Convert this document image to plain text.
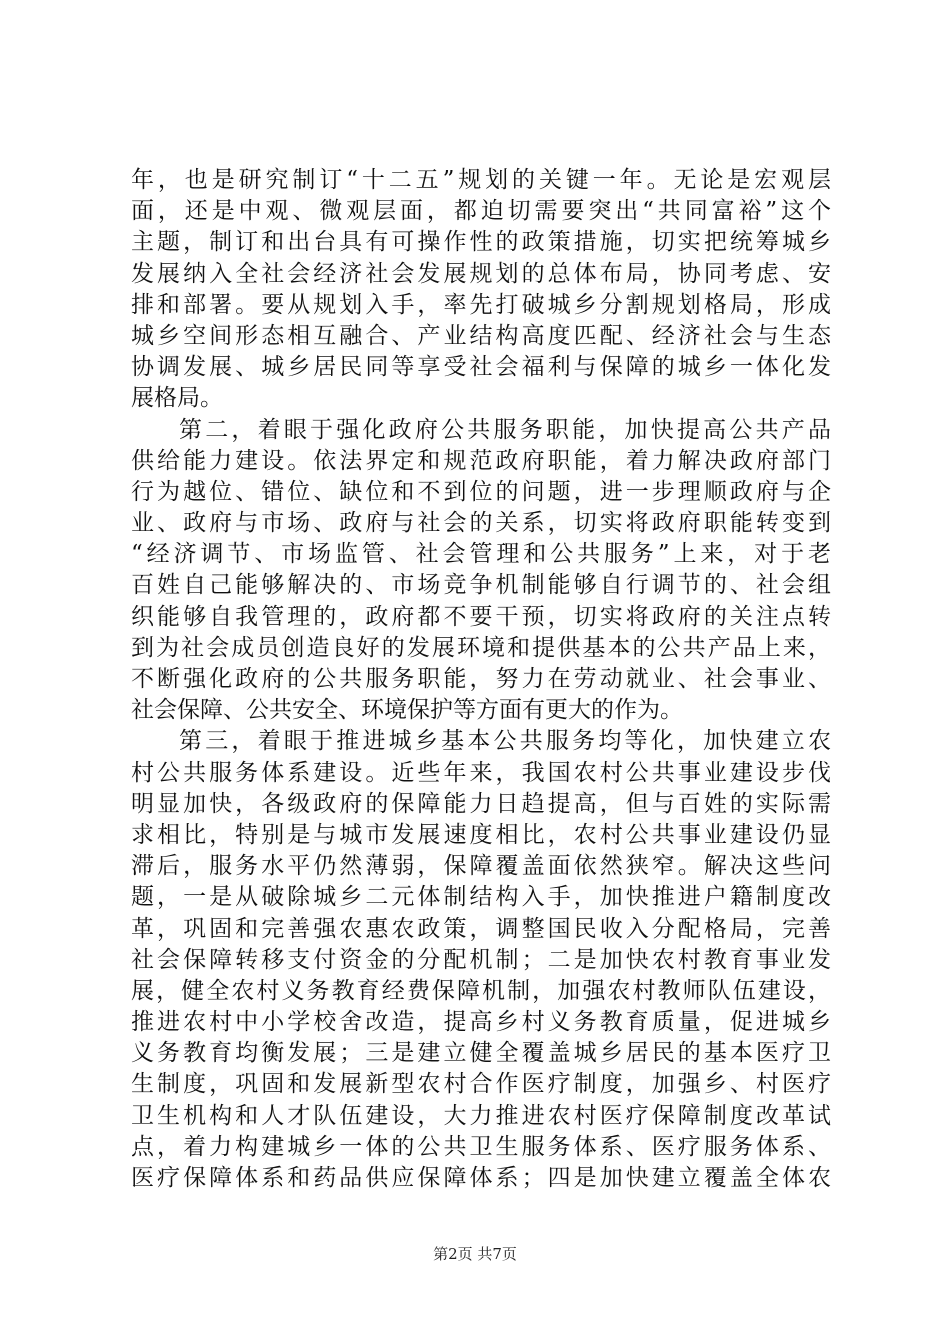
年，也是研究制订“十二五”规划的关键一年。无论是宏观层
面，还是中观、微观层面，都迫切需要突出“共同富裕”这个
主题，制订和出台具有可操作性的政策措施，切实把统筹城乡
发展纳入全社会经济社会发展规划的总体布局，协同考虑、安
排和部署。要从规划入手，率先打破城乡分割规划格局，形成
城乡空间形态相互融合、产业结构高度匹配、经济社会与生态
协调发展、城乡居民同等享受社会福利与保障的城乡一体化发
展格局。
第二，着眼于强化政府公共服务职能，加快提高公共产品
供给能力建设。依法界定和规范政府职能，着力解决政府部门
行为越位、错位、缺位和不到位的问题，进一步理顺政府与企
业、政府与市场、政府与社会的关系，切实将政府职能转变到
“经济调节、市场监管、社会管理和公共服务”上来，对于老
百姓自己能够解决的、市场竞争机制能够自行调节的、社会组
织能够自我管理的，政府都不要干预，切实将政府的关注点转
到为社会成员创造良好的发展环境和提供基本的公共产品上来，
不断强化政府的公共服务职能，努力在劳动就业、社会事业、
社会保障、公共安全、环境保护等方面有更大的作为。
第三，着眼于推进城乡基本公共服务均等化，加快建立农
村公共服务体系建设。近些年来，我国农村公共事业建设步伐
明显加快，各级政府的保障能力日趋提高，但与百姓的实际需
求相比，特别是与城市发展速度相比，农村公共事业建设仍显
滞后，服务水平仍然薄弱，保障覆盖面依然狭窄。解决这些问
题，一是从破除城乡二元体制结构入手，加快推进户籍制度改
革，巩固和完善强农惠农政策，调整国民收入分配格局，完善
社会保障转移支付资金的分配机制；二是加快农村教育事业发
展，健全农村义务教育经费保障机制，加强农村教师队伍建设，
推进农村中小学校舍改造，提高乡村义务教育质量，促进城乡
义务教育均衡发展；三是建立健全覆盖城乡居民的基本医疗卫
生制度，巩固和发展新型农村合作医疗制度，加强乡、村医疗
卫生机构和人才队伍建设，大力推进农村医疗保障制度改革试
点，着力构建城乡一体的公共卫生服务体系、医疗服务体系、
医疗保障体系和药品供应保障体系；四是加快建立覆盖全体农
第2页 共7页
